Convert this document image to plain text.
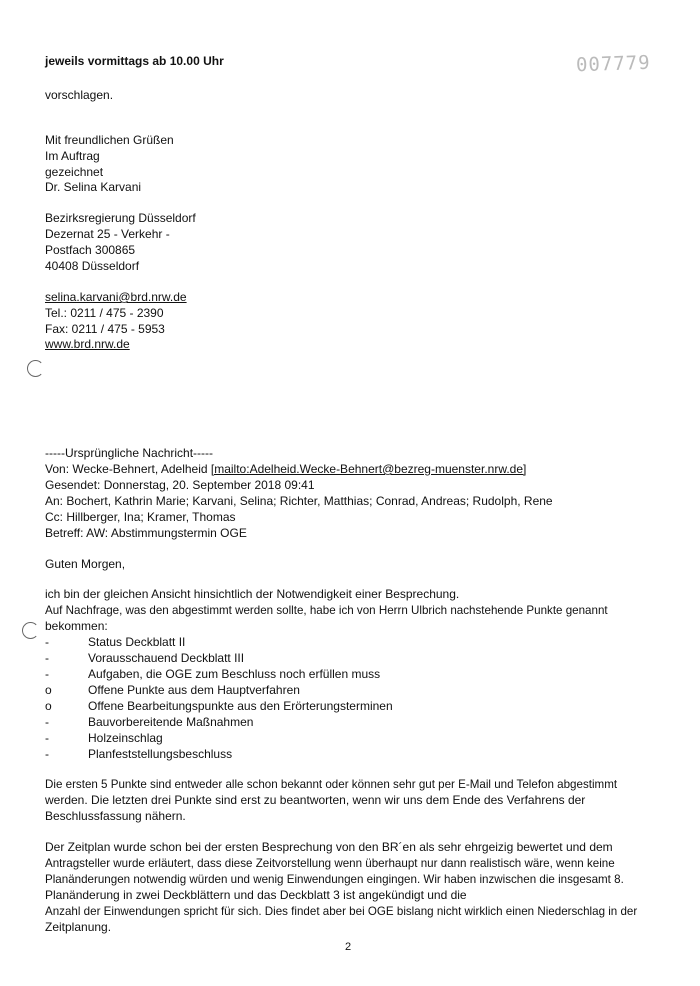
007779
jeweils vormittags ab 10.00 Uhr
vorschlagen.
Mit freundlichen Grüßen
Im Auftrag
gezeichnet
Dr. Selina Karvani
Bezirksregierung Düsseldorf
Dezernat 25 - Verkehr -
Postfach 300865
40408 Düsseldorf
selina.karvani@brd.nrw.de
Tel.: 0211 / 475 - 2390
Fax: 0211 / 475 - 5953
www.brd.nrw.de
-----Ursprüngliche Nachricht-----
Von: Wecke-Behnert, Adelheid [mailto:Adelheid.Wecke-Behnert@bezreg-muenster.nrw.de]
Gesendet: Donnerstag, 20. September 2018 09:41
An: Bochert, Kathrin Marie; Karvani, Selina; Richter, Matthias; Conrad, Andreas; Rudolph, Rene
Cc: Hillberger, Ina; Kramer, Thomas
Betreff: AW: Abstimmungstermin OGE
Guten Morgen,
ich bin der gleichen Ansicht hinsichtlich der Notwendigkeit einer Besprechung.
Auf Nachfrage, was den abgestimmt werden sollte, habe ich von Herrn Ulbrich nachstehende Punkte genannt
bekommen:
-	Status Deckblatt II
-	Vorausschauend Deckblatt III
-	Aufgaben, die OGE zum Beschluss noch erfüllen muss
o	Offene Punkte aus dem Hauptverfahren
o	Offene Bearbeitungspunkte aus den Erörterungsterminen
-	Bauvorbereitende Maßnahmen
-	Holzeinschlag
-	Planfeststellungsbeschluss
Die ersten 5 Punkte sind entweder alle schon bekannt oder können sehr gut per E-Mail und Telefon abgestimmt
werden. Die letzten drei Punkte sind erst zu beantworten, wenn wir uns dem Ende des Verfahrens der
Beschlussfassung nähern.
Der Zeitplan wurde schon bei der ersten Besprechung von den BR´en als sehr ehrgeizig bewertet und dem
Antragsteller wurde erläutert, dass diese Zeitvorstellung wenn überhaupt nur dann realistisch wäre, wenn keine
Planänderungen notwendig würden und wenig Einwendungen eingingen. Wir haben inzwischen die insgesamt 8.
Planänderung in zwei Deckblättern und das Deckblatt 3 ist angekündigt und die
Anzahl der Einwendungen spricht für sich. Dies findet aber bei OGE bislang nicht wirklich einen Niederschlag in der
Zeitplanung.
2
